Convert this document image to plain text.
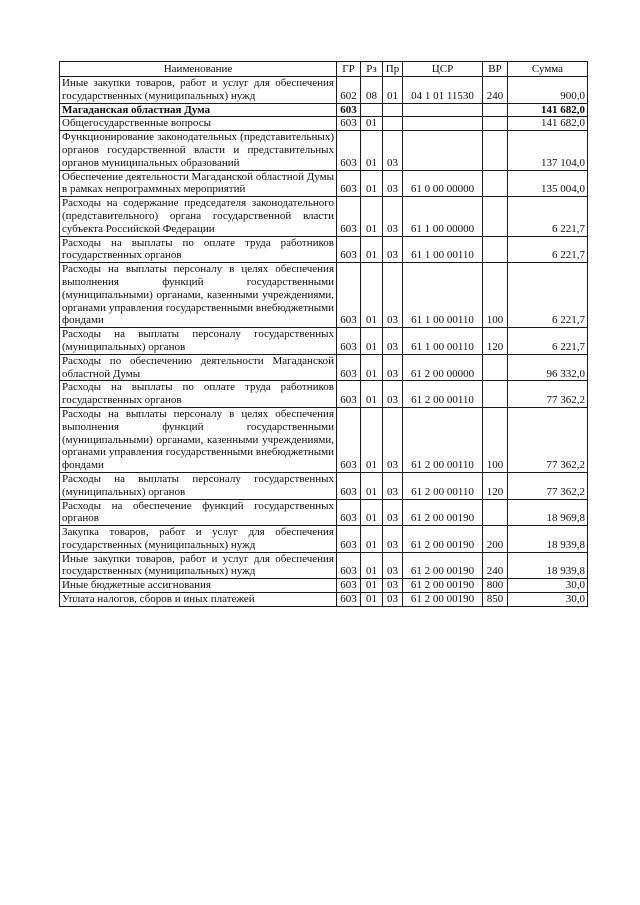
Наименование	ГР	Рз	Пр	ЦСР	ВР	Сумма
Иные закупки товаров, работ и услуг для обеспечения государственных (муниципальных) нужд	602	08	01	04 1 01 11530	240	900,0
Магаданская областная Дума	603					141 682,0
Общегосударственные вопросы	603	01				141 682,0
Функционирование законодательных (представительных) органов государственной власти и представительных органов муниципальных образований	603	01	03			137 104,0
Обеспечение деятельности Магаданской областной Думы в рамках непрограммных мероприятий	603	01	03	61 0 00 00000		135 004,0
Расходы на содержание председателя законодательного (представительного) органа государственной власти субъекта Российской Федерации	603	01	03	61 1 00 00000		6 221,7
Расходы на выплаты по оплате труда работников государственных органов	603	01	03	61 1 00 00110		6 221,7
Расходы на выплаты персоналу в целях обеспечения выполнения функций государственными (муниципальными) органами, казенными учреждениями, органами управления государственными внебюджетными фондами	603	01	03	61 1 00 00110	100	6 221,7
Расходы на выплаты персоналу государственных (муниципальных) органов	603	01	03	61 1 00 00110	120	6 221,7
Расходы по обеспечению деятельности Магаданской областной Думы	603	01	03	61 2 00 00000		96 332,0
Расходы на выплаты по оплате труда работников государственных органов	603	01	03	61 2 00 00110		77 362,2
Расходы на выплаты персоналу в целях обеспечения выполнения функций государственными (муниципальными) органами, казенными учреждениями, органами управления государственными внебюджетными фондами	603	01	03	61 2 00 00110	100	77 362,2
Расходы на выплаты персоналу государственных (муниципальных) органов	603	01	03	61 2 00 00110	120	77 362,2
Расходы на обеспечение функций государственных органов	603	01	03	61 2 00 00190		18 969,8
Закупка товаров, работ и услуг для обеспечения государственных (муниципальных) нужд	603	01	03	61 2 00 00190	200	18 939,8
Иные закупки товаров, работ и услуг для обеспечения государственных (муниципальных) нужд	603	01	03	61 2 00 00190	240	18 939,8
Иные бюджетные ассигнования	603	01	03	61 2 00 00190	800	30,0
Уплата налогов, сборов и иных платежей	603	01	03	61 2 00 00190	850	30,0
